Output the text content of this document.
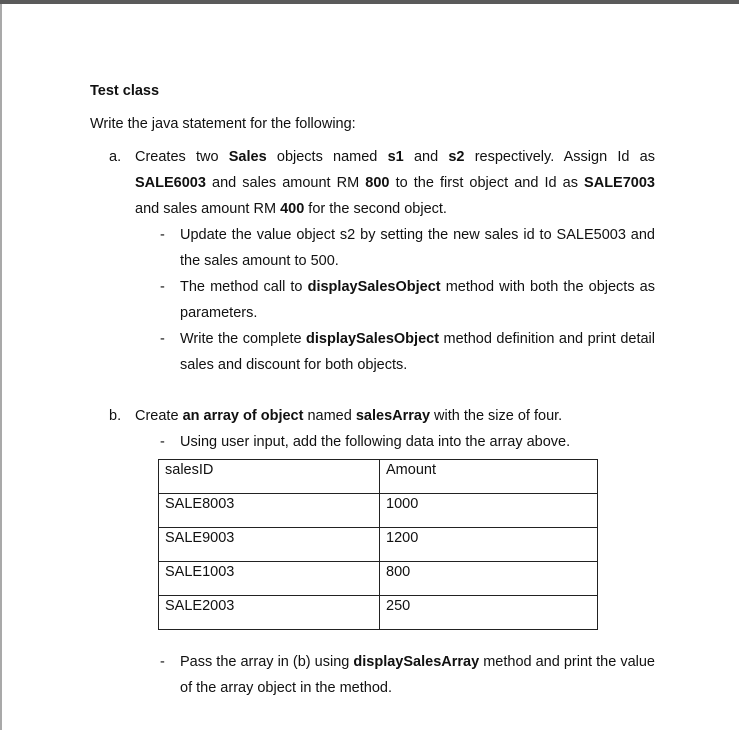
Test class
Write the java statement for the following:
a. Creates two Sales objects named s1 and s2 respectively. Assign Id as SALE6003 and sales amount RM 800 to the first object and Id as SALE7003 and sales amount RM 400 for the second object.
- Update the value object s2 by setting the new sales id to SALE5003 and the sales amount to 500.
- The method call to displaySalesObject method with both the objects as parameters.
- Write the complete displaySalesObject method definition and print detail sales and discount for both objects.
b. Create an array of object named salesArray with the size of four.
- Using user input, add the following data into the array above.
salesID	Amount
SALE8003	1000
SALE9003	1200
SALE1003	800
SALE2003	250
- Pass the array in (b) using displaySalesArray method and print the value of the array object in the method.
